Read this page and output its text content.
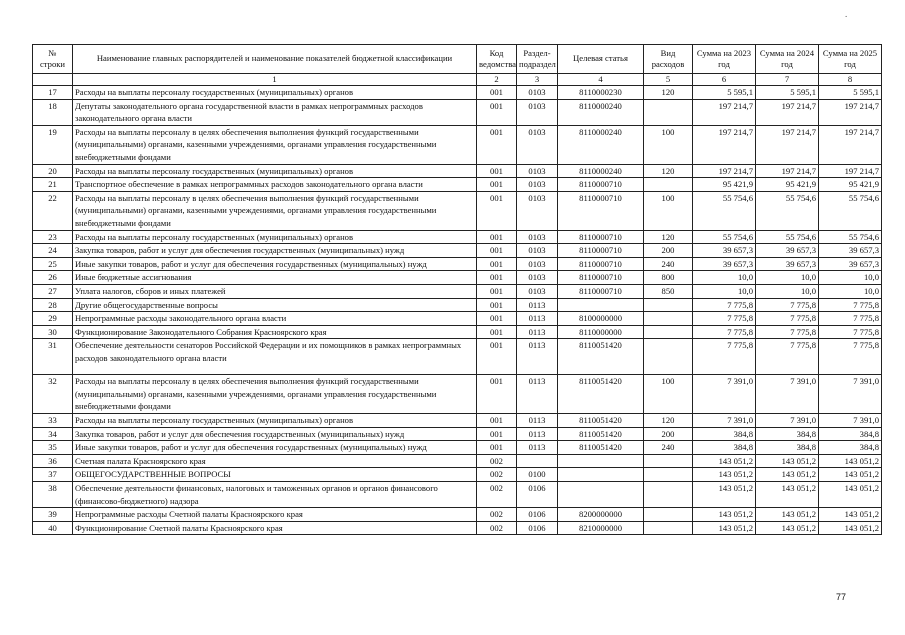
.
№ строки	Наименование главных распорядителей и наименование показателей бюджетной классификации	Код ведомства	Раздел-подраздел	Целевая статья	Вид расходов	Сумма на 2023 год	Сумма на 2024 год	Сумма на 2025 год
	1	2	3	4	5	6	7	8
17	Расходы на выплаты персоналу государственных (муниципальных) органов	001	0103	8110000230	120	5 595,1	5 595,1	5 595,1
18	Депутаты законодательного органа государственной власти в рамках непрограммных расходов законодательного органа власти	001	0103	8110000240		197 214,7	197 214,7	197 214,7
19	Расходы на выплаты персоналу в целях обеспечения выполнения функций государственными (муниципальными) органами, казенными учреждениями, органами управления государственными внебюджетными фондами	001	0103	8110000240	100	197 214,7	197 214,7	197 214,7
20	Расходы на выплаты персоналу государственных (муниципальных) органов	001	0103	8110000240	120	197 214,7	197 214,7	197 214,7
21	Транспортное обеспечение в рамках непрограммных расходов законодательного органа власти	001	0103	8110000710		95 421,9	95 421,9	95 421,9
22	Расходы на выплаты персоналу в целях обеспечения выполнения функций государственными (муниципальными) органами, казенными учреждениями, органами управления государственными внебюджетными фондами	001	0103	8110000710	100	55 754,6	55 754,6	55 754,6
23	Расходы на выплаты персоналу государственных (муниципальных) органов	001	0103	8110000710	120	55 754,6	55 754,6	55 754,6
24	Закупка товаров, работ и услуг для обеспечения государственных (муниципальных) нужд	001	0103	8110000710	200	39 657,3	39 657,3	39 657,3
25	Иные закупки товаров, работ и услуг для обеспечения государственных (муниципальных) нужд	001	0103	8110000710	240	39 657,3	39 657,3	39 657,3
26	Иные бюджетные ассигнования	001	0103	8110000710	800	10,0	10,0	10,0
27	Уплата налогов, сборов и иных платежей	001	0103	8110000710	850	10,0	10,0	10,0
28	Другие общегосударственные вопросы	001	0113			7 775,8	7 775,8	7 775,8
29	Непрограммные расходы законодательного органа власти	001	0113	8100000000		7 775,8	7 775,8	7 775,8
30	Функционирование Законодательного Собрания Красноярского края	001	0113	8110000000		7 775,8	7 775,8	7 775,8
31	Обеспечение деятельности сенаторов Российской Федерации и их помощников в рамках непрограммных расходов законодательного органа власти	001	0113	8110051420		7 775,8	7 775,8	7 775,8
32	Расходы на выплаты персоналу в целях обеспечения выполнения функций государственными (муниципальными) органами, казенными учреждениями, органами управления государственными внебюджетными фондами	001	0113	8110051420	100	7 391,0	7 391,0	7 391,0
33	Расходы на выплаты персоналу государственных (муниципальных) органов	001	0113	8110051420	120	7 391,0	7 391,0	7 391,0
34	Закупка товаров, работ и услуг для обеспечения государственных (муниципальных) нужд	001	0113	8110051420	200	384,8	384,8	384,8
35	Иные закупки товаров, работ и услуг для обеспечения государственных (муниципальных) нужд	001	0113	8110051420	240	384,8	384,8	384,8
36	Счетная палата Красноярского края	002				143 051,2	143 051,2	143 051,2
37	ОБЩЕГОСУДАРСТВЕННЫЕ ВОПРОСЫ	002	0100			143 051,2	143 051,2	143 051,2
38	Обеспечение деятельности финансовых, налоговых и таможенных органов и органов финансового (финансово-бюджетного) надзора	002	0106			143 051,2	143 051,2	143 051,2
39	Непрограммные расходы Счетной палаты Красноярского края	002	0106	8200000000		143 051,2	143 051,2	143 051,2
40	Функционирование Счетной палаты Красноярского края	002	0106	8210000000		143 051,2	143 051,2	143 051,2
77
